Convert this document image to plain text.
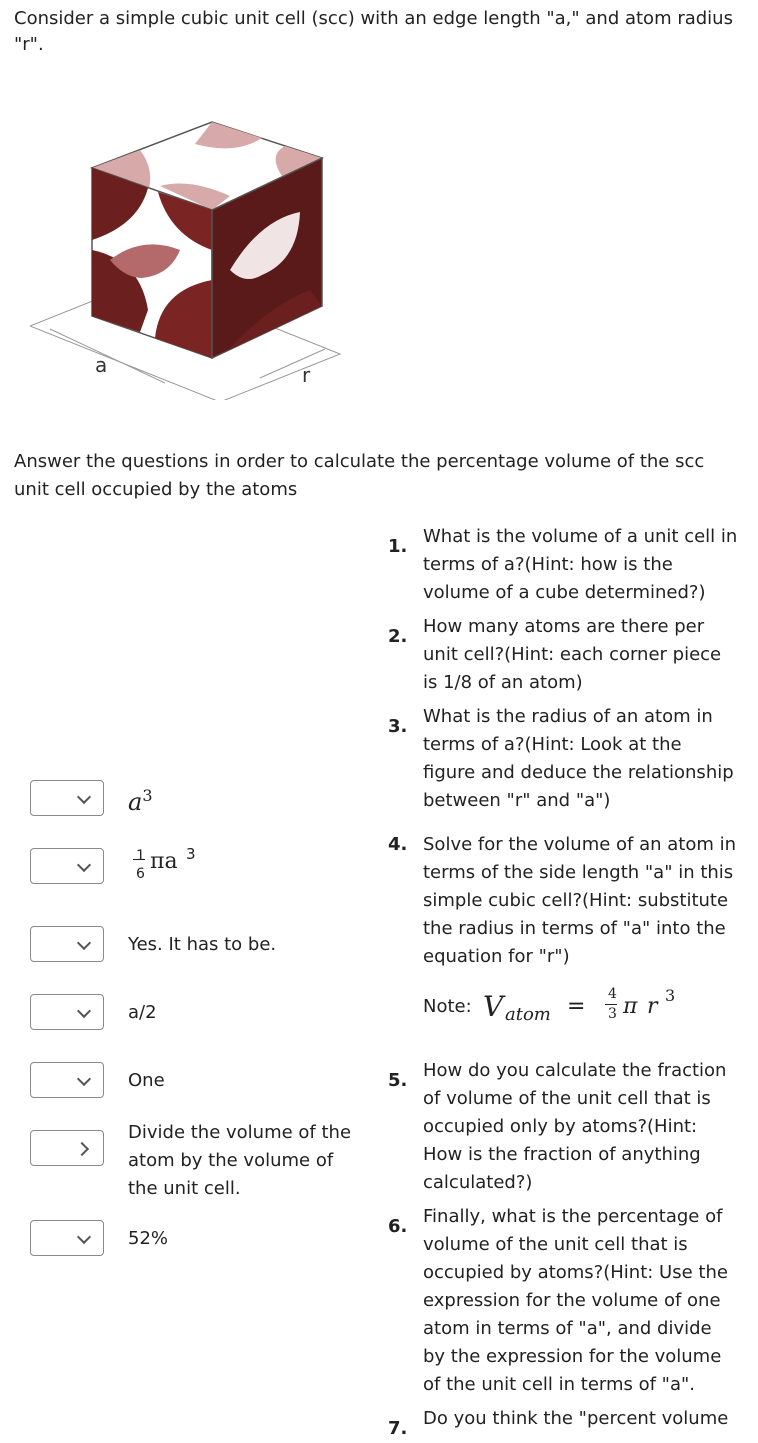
Consider a simple cubic unit cell (scc) with an edge length "a," and atom radius "r".
a	r
Answer the questions in order to calculate the percentage volume of the scc unit cell occupied by the atoms
$a^3$
1
6 πa 3
Yes. It has to be.
a/2
One
Divide the volume of the atom by the volume of the unit cell.
52%
1. What is the volume of a unit cell in terms of a?(Hint: how is the volume of a cube determined?)
2. How many atoms are there per unit cell?(Hint: each corner piece is 1/8 of an atom)
3. What is the radius of an atom in terms of a?(Hint: Look at the figure and deduce the relationship between "r" and "a")
4. Solve for the volume of an atom in terms of the side length "a" in this simple cubic cell?(Hint: substitute the radius in terms of "a" into the equation for "r")
Note: V atom = 4
3 π r 3
5. How do you calculate the fraction of volume of the unit cell that is occupied only by atoms?(Hint: How is the fraction of anything calculated?)
6. Finally, what is the percentage of volume of the unit cell that is occupied by atoms?(Hint: Use the expression for the volume of one atom in terms of "a", and divide by the expression for the volume of the unit cell in terms of "a".
7. Do you think the "percent volume
